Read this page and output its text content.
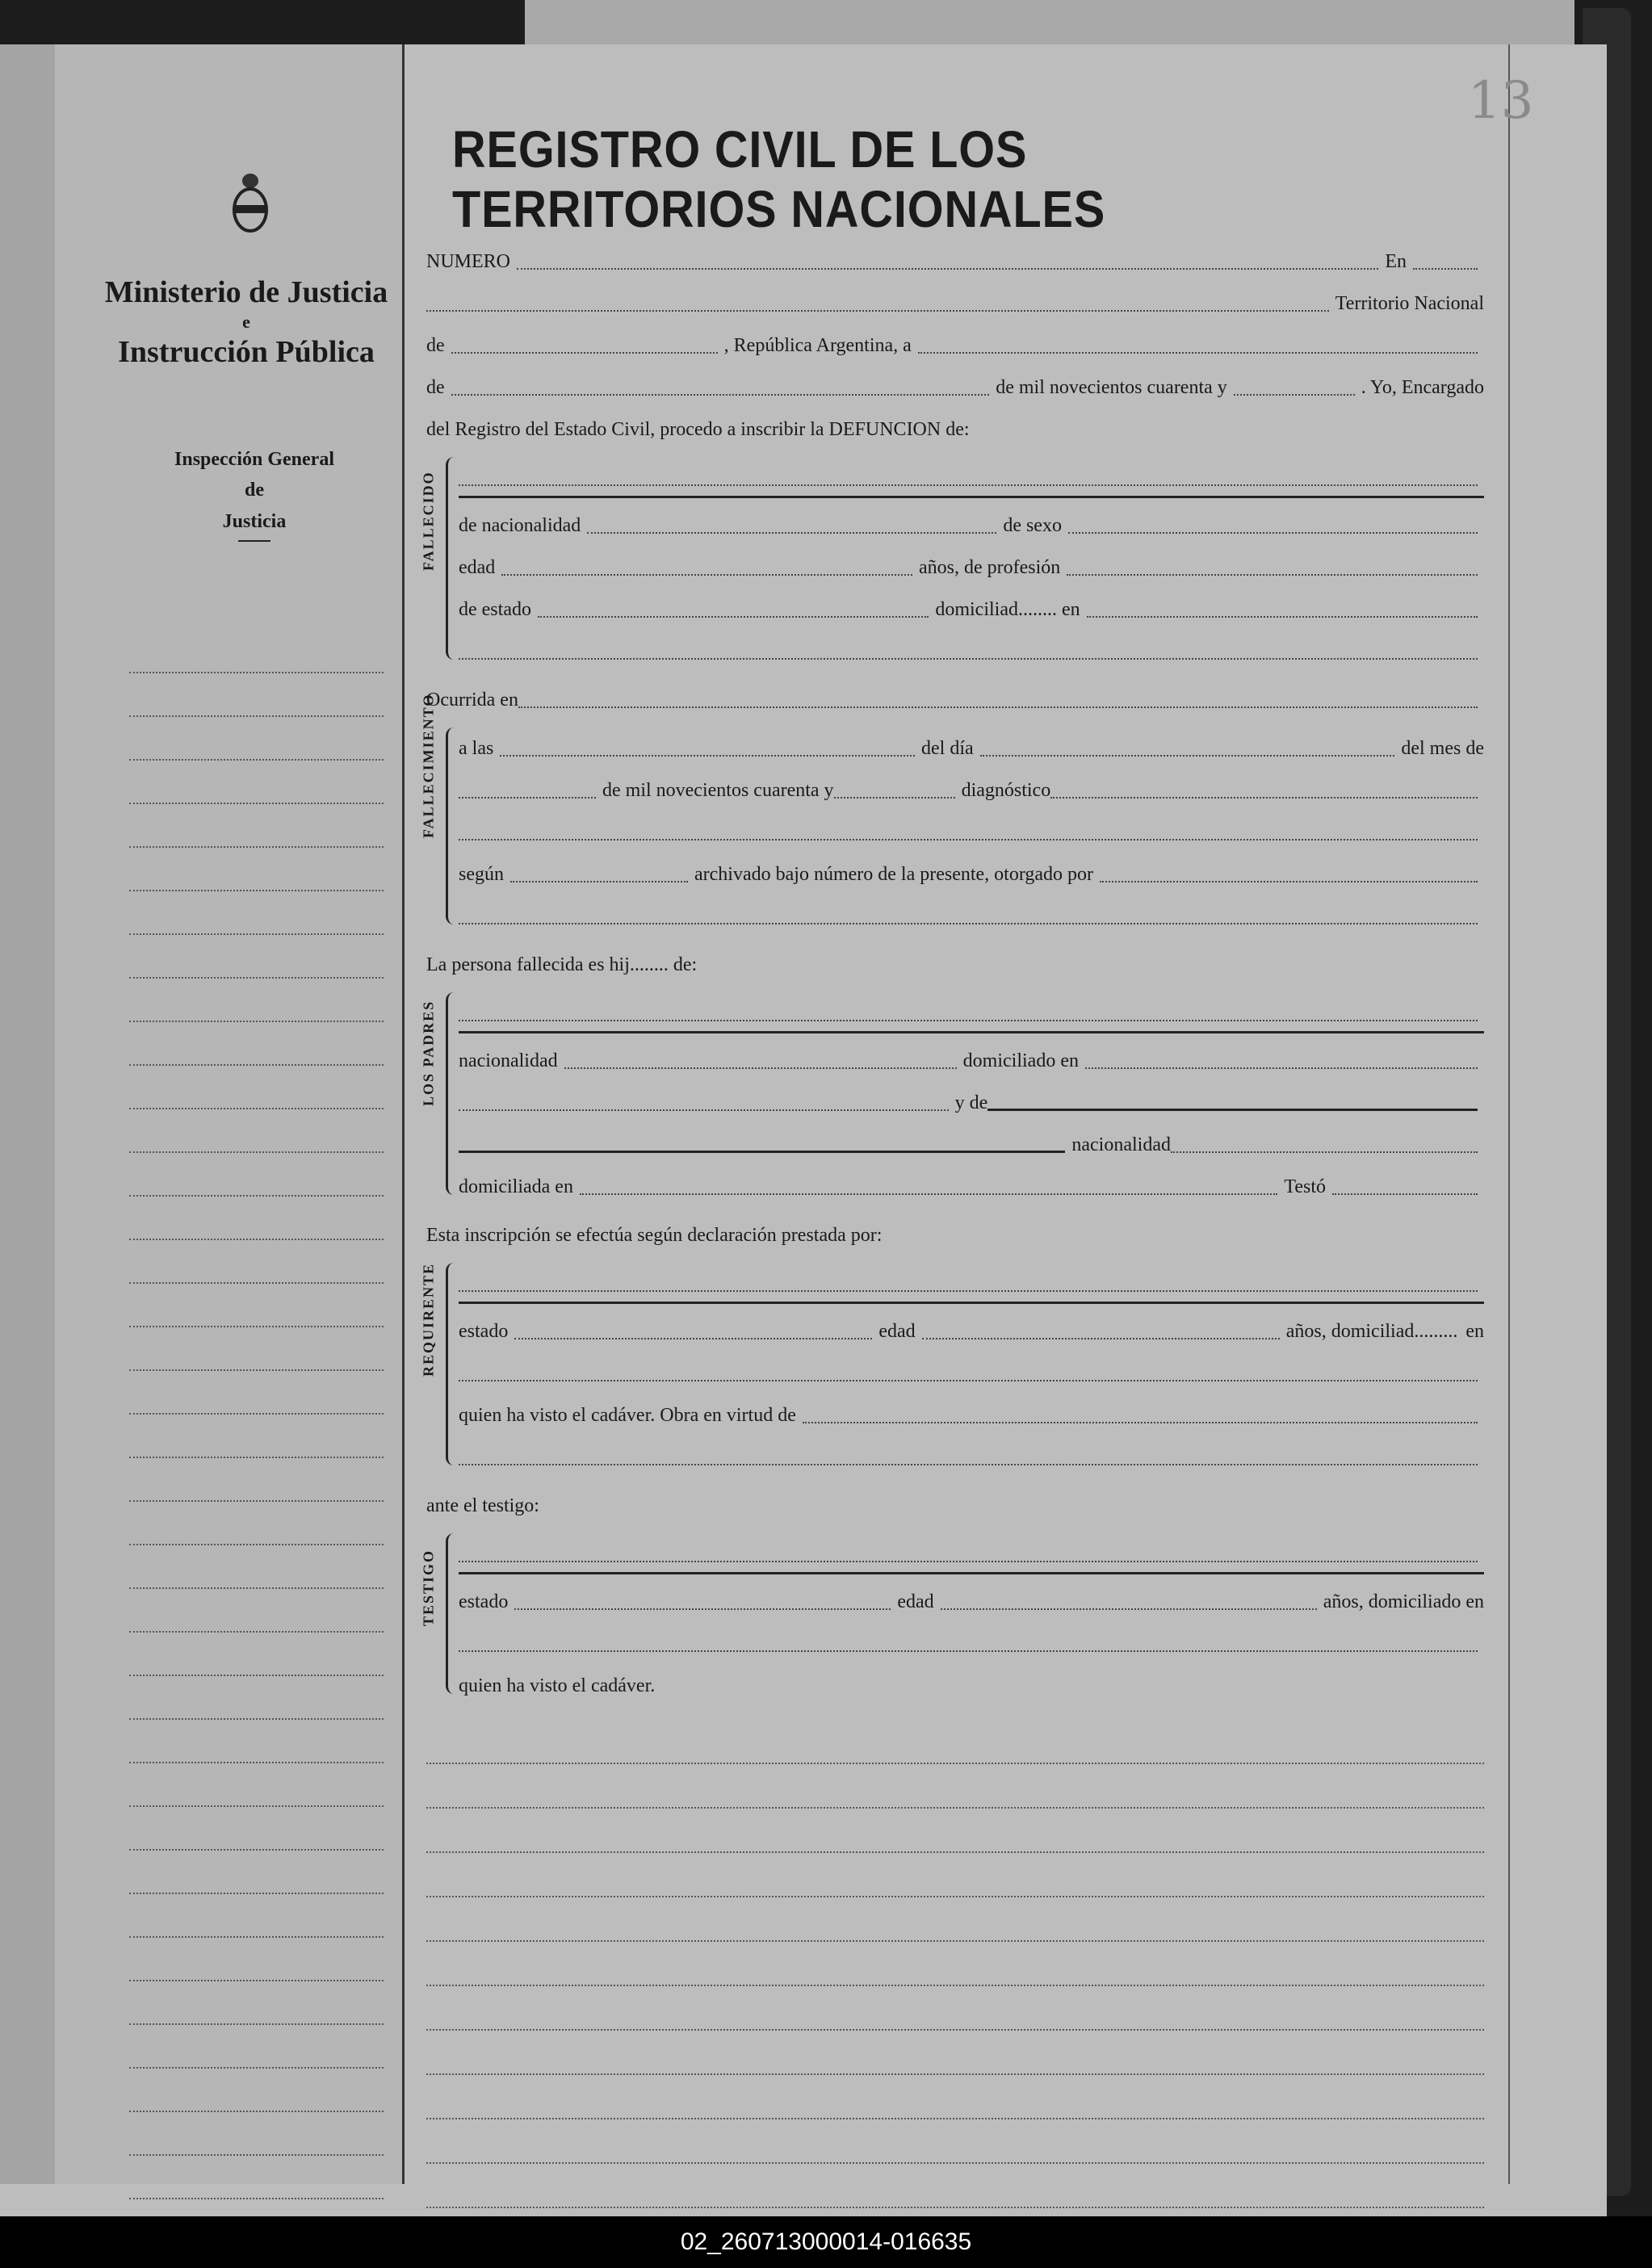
Ministerio de Justicia
e
Instrucción Pública
Inspección General
de
Justicia
13
REGISTRO CIVIL DE LOS TERRITORIOS NACIONALES
NUMERO	En
Territorio Nacional
de	, República Argentina, a
de	de mil novecientos cuarenta y	. Yo, Encargado
del Registro del Estado Civil, procedo a inscribir la DEFUNCION de:
FALLECIDO de nacionalidad	de sexo
edad	años, de profesión
de estado	domiciliad........ en
Ocurrida en
FALLECIMIENTO a las	del día	del mes de
de mil novecientos cuarenta y	diagnóstico
según	archivado bajo número de la presente, otorgado por
La persona fallecida es hij........ de:
LOS PADRES nacionalidad	domiciliado en
y de
nacionalidad
domiciliada en	Testó
Esta inscripción se efectúa según declaración prestada por:
REQUIRENTE estado	edad	años, domiciliad......... en
quien ha visto el cadáver. Obra en virtud de
ante el testigo:
TESTIGO estado	edad	años, domiciliado en
quien ha visto el cadáver.
02_260713000014-016635
